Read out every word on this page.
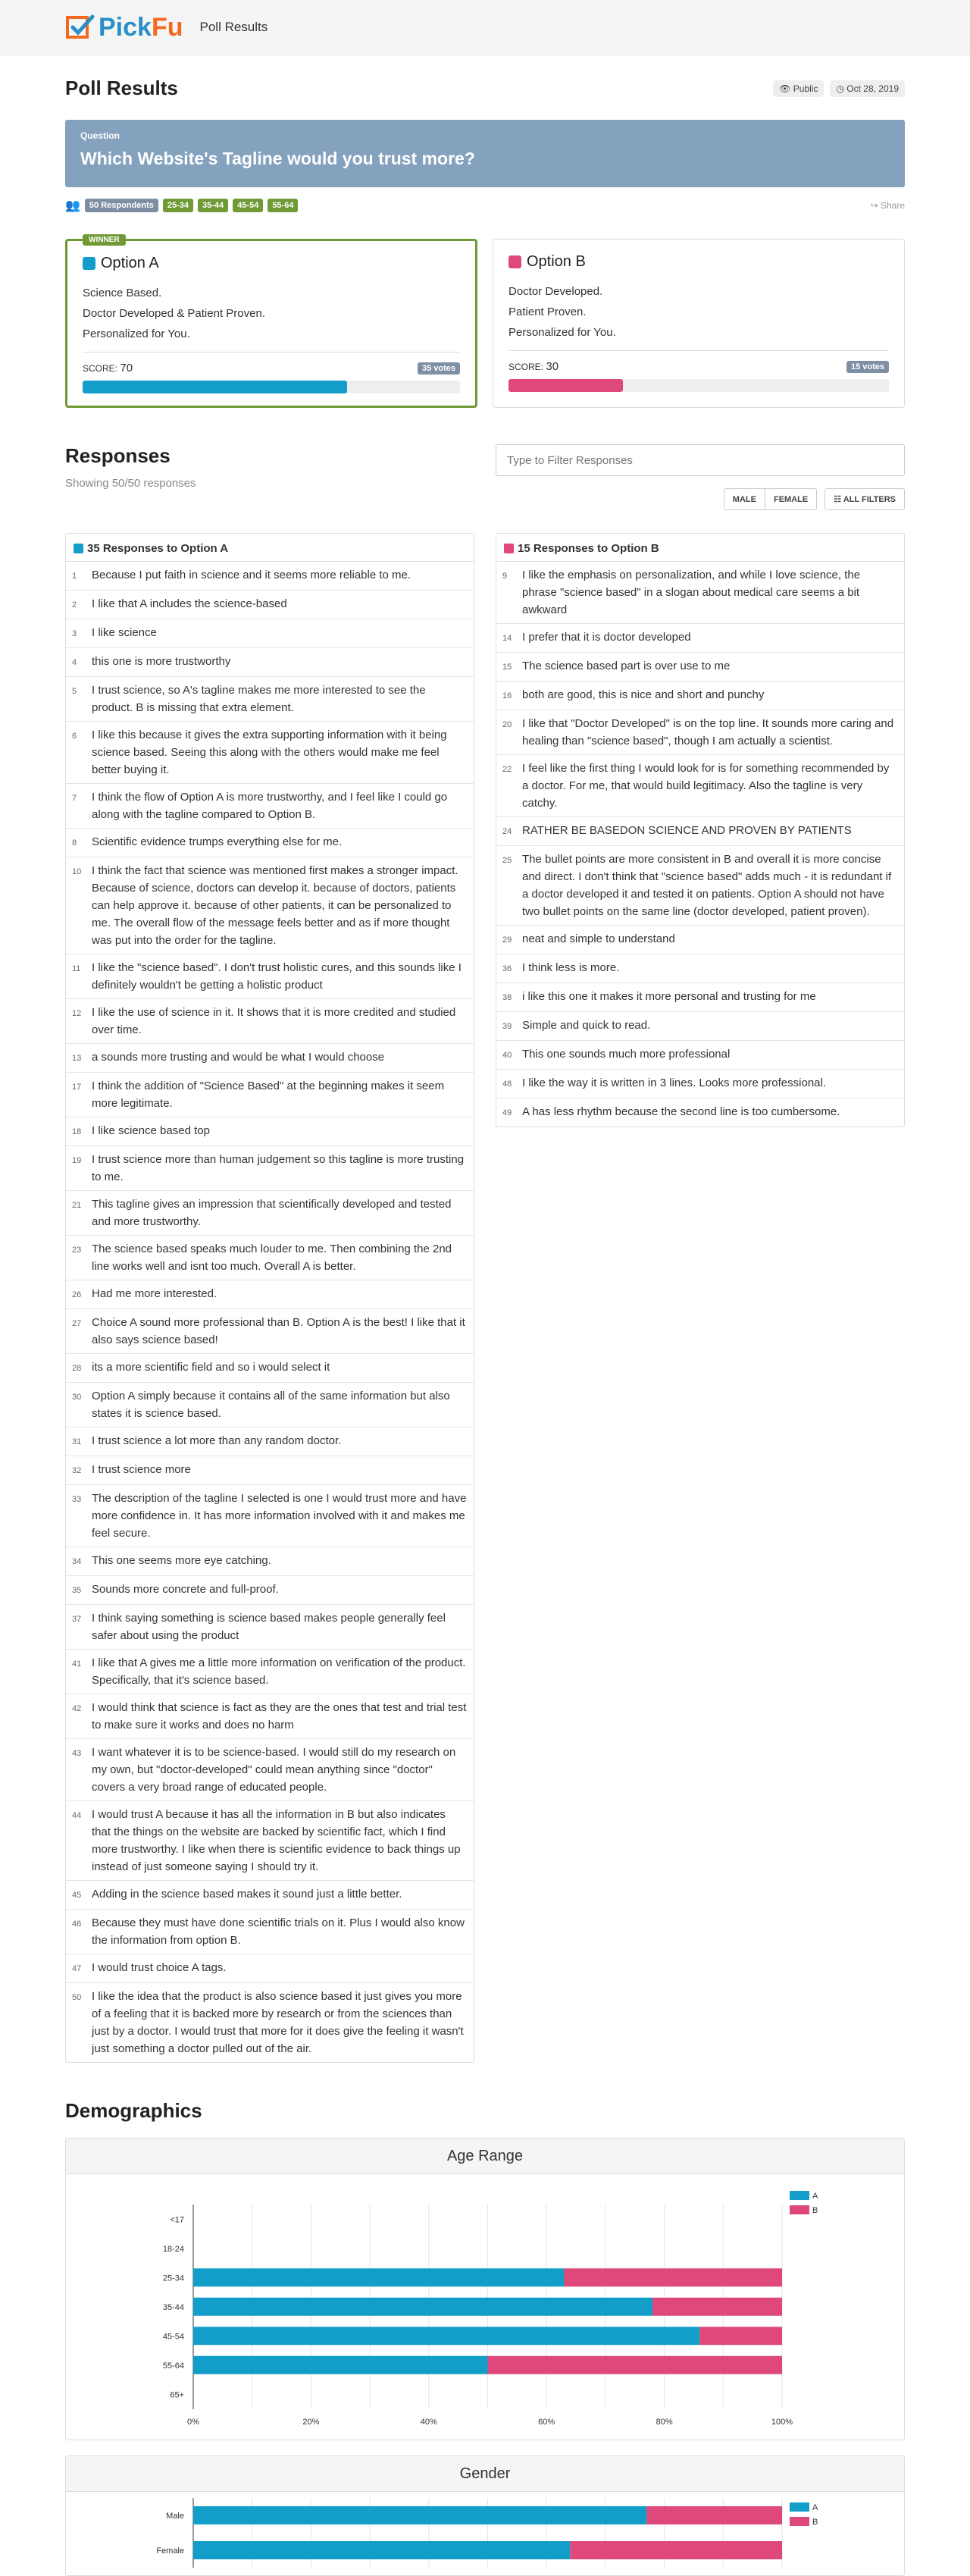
Pick Fu Poll Results
Poll Results	👁 Public	◷ Oct 28, 2019
Question
Which Website's Tagline would you trust more?
👥	50 Respondents	25-34	35-44	45-54	55-64	↪ Share
WINNER
Option A
Science Based.
Doctor Developed & Patient Proven.
Personalized for You.
SCORE: 70	35 votes
Option B
Doctor Developed.
Patient Proven.
Personalized for You.
SCORE: 30	15 votes
Responses
Showing 50/50 responses
Type to Filter Responses
MALE	FEMALE	☷ ALL FILTERS
35 Responses to Option A
1	Because I put faith in science and it seems more reliable to me.
2	I like that A includes the science-based
3	I like science
4	this one is more trustworthy
5	I trust science, so A's tagline makes me more interested to see the product. B is missing that extra element.
6	I like this because it gives the extra supporting information with it being science based. Seeing this along with the others would make me feel better buying it.
7	I think the flow of Option A is more trustworthy, and I feel like I could go along with the tagline compared to Option B.
8	Scientific evidence trumps everything else for me.
10 I think the fact that science was mentioned first makes a stronger impact. Because of science, doctors can develop it. because of doctors, patients can help approve it. because of other patients, it can be personalized to me. The overall flow of the message feels better and as if more thought was put into the order for the tagline.
11 I like the "science based". I don't trust holistic cures, and this sounds like I definitely wouldn't be getting a holistic product
12 I like the use of science in it. It shows that it is more credited and studied over time.
13 a sounds more trusting and would be what I would choose
17 I think the addition of "Science Based" at the beginning makes it seem more legitimate.
18 I like science based top
19 I trust science more than human judgement so this tagline is more trusting to me.
21 This tagline gives an impression that scientifically developed and tested and more trustworthy.
23 The science based speaks much louder to me. Then combining the 2nd line works well and isnt too much. Overall A is better.
26 Had me more interested.
27 Choice A sound more professional than B. Option A is the best! I like that it also says science based!
28 its a more scientific field and so i would select it
30 Option A simply because it contains all of the same information but also states it is science based.
31 I trust science a lot more than any random doctor.
32 I trust science more
33 The description of the tagline I selected is one I would trust more and have more confidence in. It has more information involved with it and makes me feel secure.
34 This one seems more eye catching.
35 Sounds more concrete and full-proof.
37 I think saying something is science based makes people generally feel safer about using the product
41 I like that A gives me a little more information on verification of the product. Specifically, that it's science based.
42 I would think that science is fact as they are the ones that test and trial test to make sure it works and does no harm
43 I want whatever it is to be science-based. I would still do my research on my own, but "doctor-developed" could mean anything since "doctor" covers a very broad range of educated people.
44 I would trust A because it has all the information in B but also indicates that the things on the website are backed by scientific fact, which I find more trustworthy. I like when there is scientific evidence to back things up instead of just someone saying I should try it.
45 Adding in the science based makes it sound just a little better.
46 Because they must have done scientific trials on it. Plus I would also know the information from option B.
47 I would trust choice A tags.
50 I like the idea that the product is also science based it just gives you more of a feeling that it is backed more by research or from the sciences than just by a doctor. I would trust that more for it does give the feeling it wasn't just something a doctor pulled out of the air.
15 Responses to Option B
9	I like the emphasis on personalization, and while I love science, the phrase "science based" in a slogan about medical care seems a bit awkward
14 I prefer that it is doctor developed
15 The science based part is over use to me
16 both are good, this is nice and short and punchy
20 I like that "Doctor Developed" is on the top line. It sounds more caring and healing than "science based", though I am actually a scientist.
22 I feel like the first thing I would look for is for something recommended by a doctor. For me, that would build legitimacy. Also the tagline is very catchy.
24 RATHER BE BASEDON SCIENCE AND PROVEN BY PATIENTS
25 The bullet points are more consistent in B and overall it is more concise and direct. I don't think that "science based" adds much - it is redundant if a doctor developed it and tested it on patients. Option A should not have two bullet points on the same line (doctor developed, patient proven).
29 neat and simple to understand
36 I think less is more.
38 i like this one it makes it more personal and trusting for me
39 Simple and quick to read.
40 This one sounds much more professional
48 I like the way it is written in 3 lines. Looks more professional.
49 A has less rhythm because the second line is too cumbersome.
Demographics
Age Range
<17
18-24
25-34
35-44
45-54
55-64
65+
0%	20%	40%	60%	80%	100%
A
B
Gender
Male
Female
A
B
